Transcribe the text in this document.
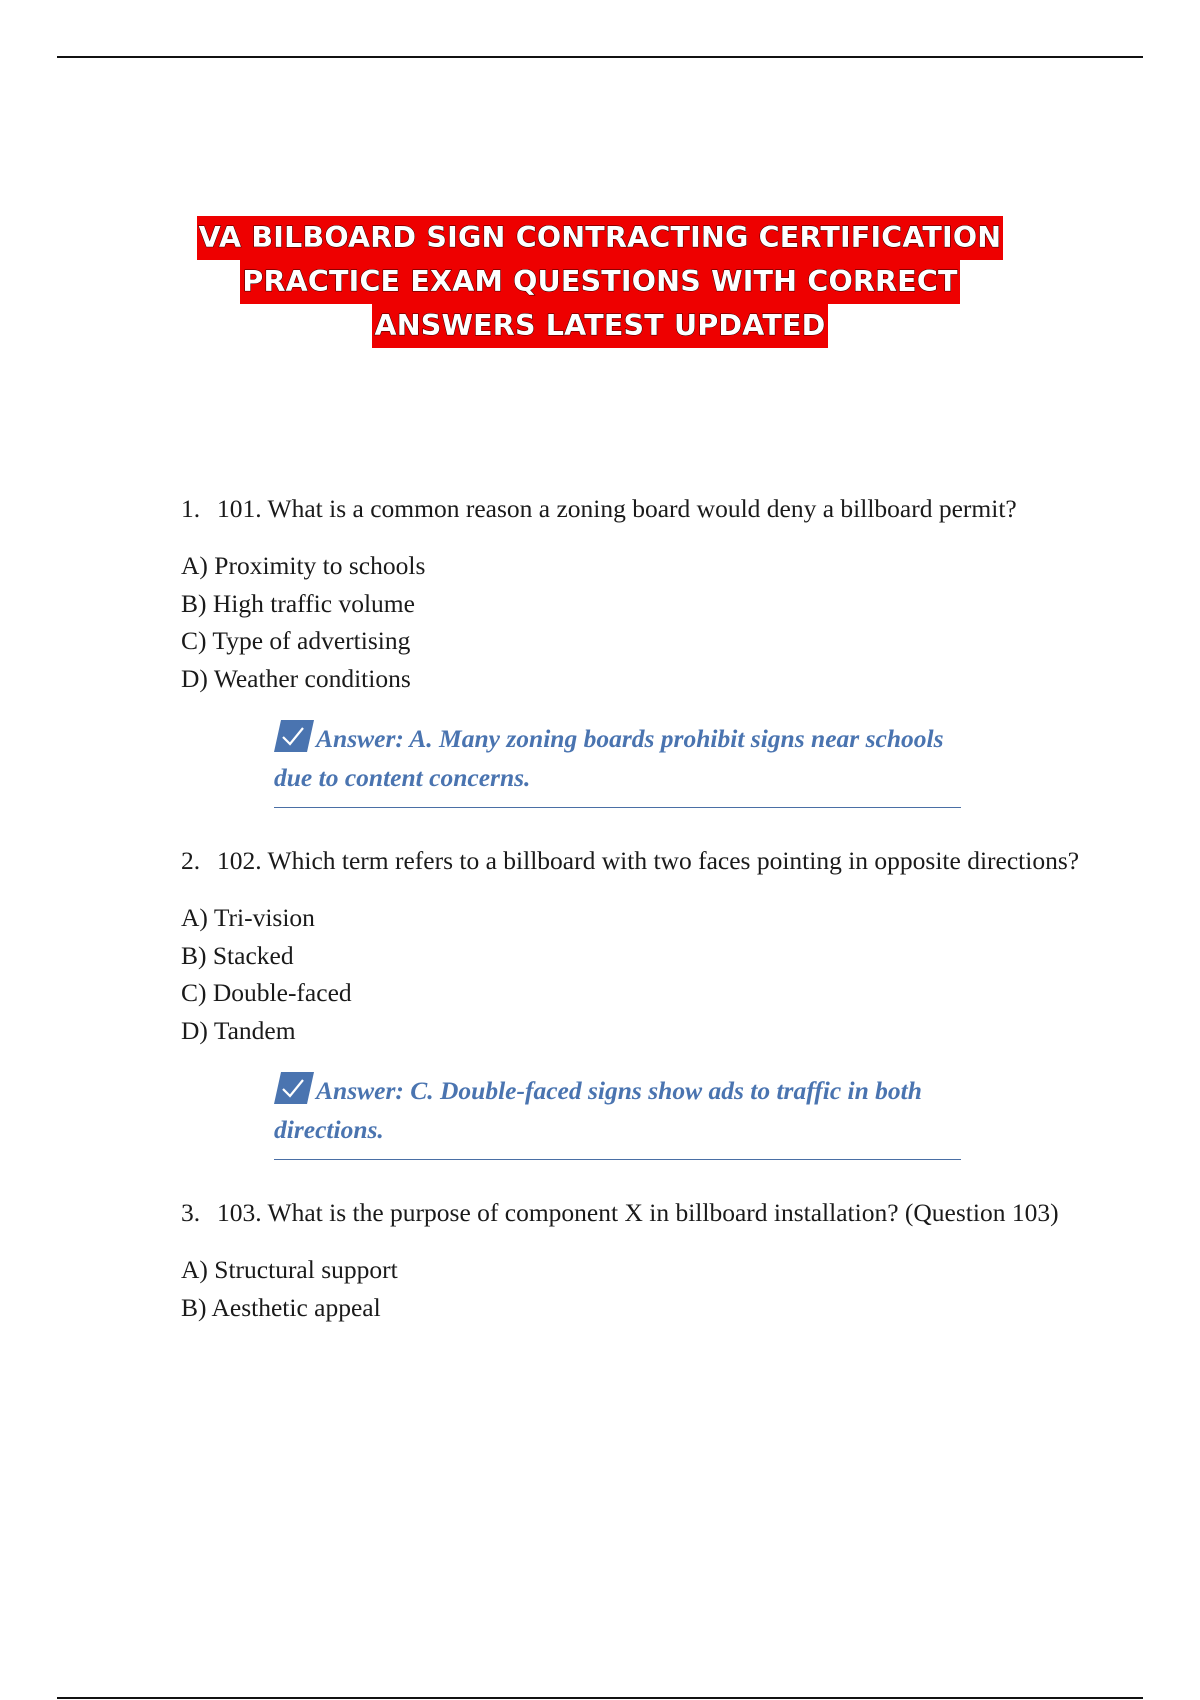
VA BILBOARD SIGN CONTRACTING CERTIFICATION
PRACTICE EXAM QUESTIONS WITH CORRECT
ANSWERS LATEST UPDATED
1. 101. What is a common reason a zoning board would deny a billboard permit?
A) Proximity to schools
B) High traffic volume
C) Type of advertising
D) Weather conditions
Answer: A. Many zoning boards prohibit signs near schools due to content concerns.
2. 102. Which term refers to a billboard with two faces pointing in opposite directions?
A) Tri-vision
B) Stacked
C) Double-faced
D) Tandem
Answer: C. Double-faced signs show ads to traffic in both directions.
3. 103. What is the purpose of component X in billboard installation? (Question 103)
A) Structural support
B) Aesthetic appeal
